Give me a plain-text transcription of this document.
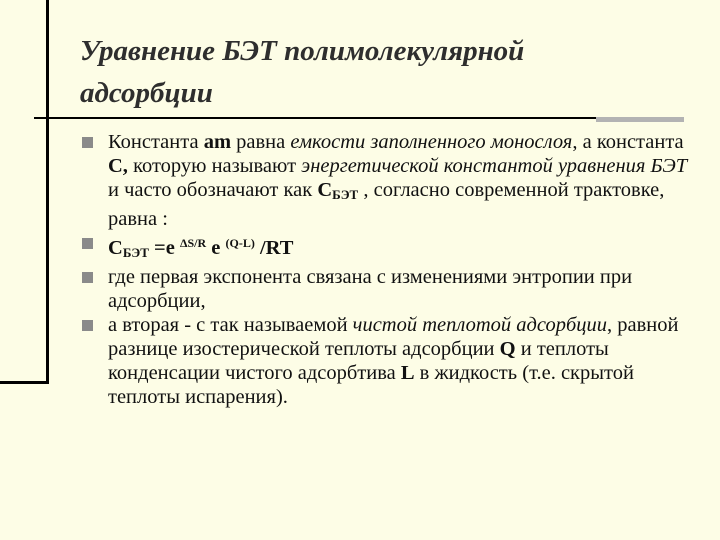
Уравнение БЭТ полимолекулярной
адсорбции
Константа am равна емкости заполненного монослоя, а константа С, которую называют энергетической константой уравнения БЭТ и часто обозначают как $С_{БЭТ}$ , согласно современной трактовке, равна :
$С_{БЭТ} =е$ $^{\Delta S/R}$ е $^{(Q-L)}$ /RT
где первая экспонента связана с изменениями энтропии при адсорбции,
а вторая - с так называемой чистой теплотой адсорбции, равной разнице изостерической теплоты адсорбции Q и теплоты конденсации чистого адсорбтива L в жидкость (т.е. скрытой теплоты испарения).
